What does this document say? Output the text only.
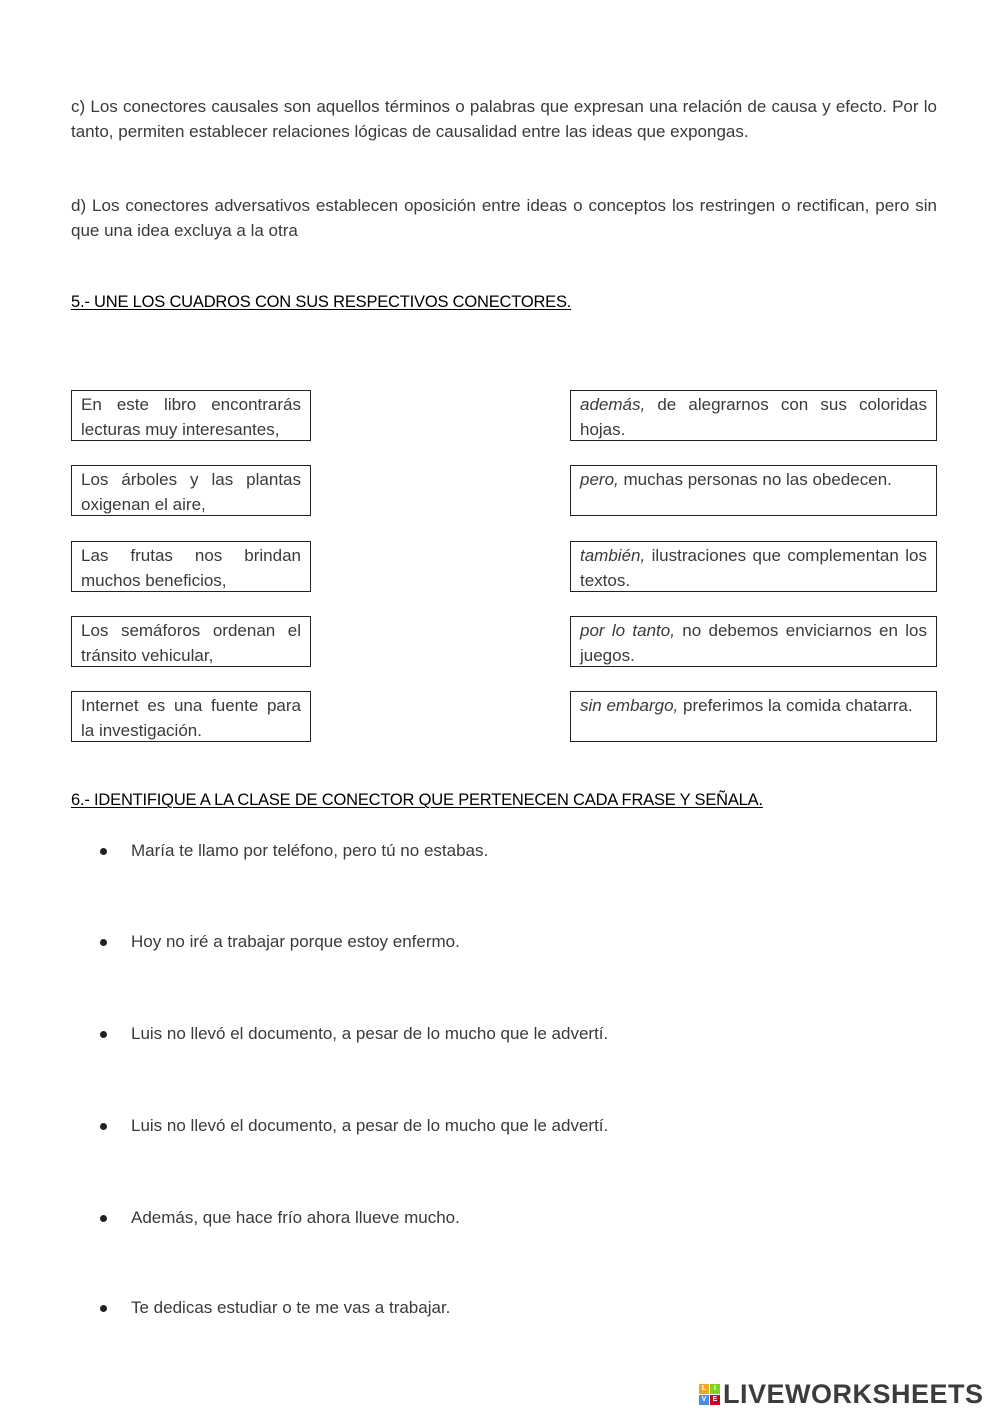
c) Los conectores causales son aquellos términos o palabras que expresan una relación de causa y efecto. Por lo tanto, permiten establecer relaciones lógicas de causalidad entre las ideas que expongas.
d) Los conectores adversativos establecen oposición entre ideas o conceptos los restringen o rectifican, pero sin que una idea excluya a la otra
5.- UNE LOS CUADROS CON SUS RESPECTIVOS CONECTORES.
En este libro encontrarás lecturas muy interesantes,
Los árboles y las plantas oxigenan el aire,
Las frutas nos brindan muchos beneficios,
Los semáforos ordenan el tránsito vehicular,
Internet es una fuente para la investigación.
además, de alegrarnos con sus coloridas hojas.
pero, muchas personas no las obedecen.
también, ilustraciones que complementan los textos.
por lo tanto, no debemos enviciarnos en los juegos.
sin embargo, preferimos la comida chatarra.
6.- IDENTIFIQUE A LA CLASE DE CONECTOR QUE PERTENECEN CADA FRASE Y SEÑALA.
María te llamo por teléfono, pero tú no estabas.
Hoy no iré a trabajar porque estoy enfermo.
Luis no llevó el documento, a pesar de lo mucho que le advertí.
Luis no llevó el documento, a pesar de lo mucho que le advertí.
Además, que hace frío ahora llueve mucho.
Te dedicas estudiar o te me vas a trabajar.
L	I
V E LIVEWORKSHEETS
